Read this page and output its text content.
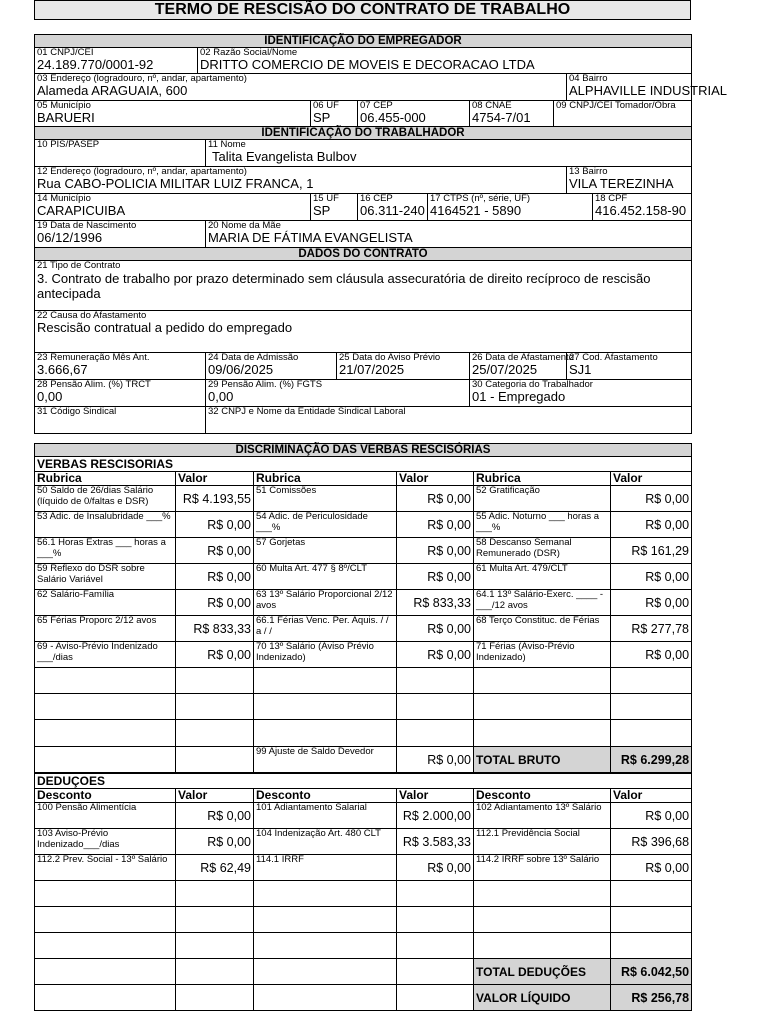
TERMO DE RESCISÃO DO CONTRATO DE TRABALHO
IDENTIFICAÇÃO DO EMPREGADOR										

01 CNPJ/CEI
24.189.770/0001-92	02 Razão Social/Nome
DRITTO COMERCIO DE MOVEIS E DECORACAO LTDA									

03 Endereço (logradouro, nº, andar, apartamento)
Alameda ARAGUAIA, 600									04 Bairro
ALPHAVILLE INDUSTRIAL	

05 Município
BARUERI			06 UF
SP		07 CEP
06.455-000		08 CNAE
4754-7/01	09 CNPJ/CEI Tomador/Obra		

IDENTIFICAÇÃO DO TRABALHADOR										

10 PIS/PASEP		11 Nome
Talita Evangelista Bulbov								

12 Endereço (logradouro, nº, andar, apartamento)
Rua CABO-POLICIA MILITAR LUIZ FRANCA, 1									13 Bairro
VILA TEREZINHA	

14 Município
CARAPICUIBA			15 UF
SP		16 CEP
06.311-240	17 CTPS (nº, série, UF)
4164521 - 5890				18 CPF
416.452.158-90

19 Data de Nascimento
06/12/1996		20 Nome da Mãe
MARIA DE FÁTIMA EVANGELISTA								

DADOS DO CONTRATO										

21 Tipo de Contrato
3. Contrato de trabalho por prazo determinado sem cláusula assecuratória de direito recíproco de rescisão antecipada										

22 Causa do Afastamento
Rescisão contratual a pedido do empregado										

23 Remuneração Mês Ant.
3.666,67		24 Data de Admissão
09/06/2025		25 Data do Aviso Prévio
21/07/2025			26 Data de Afastamento
25/07/2025		27 Cod. Afastamento
SJ1	

28 Pensão Alim. (%) TRCT
0,00		29 Pensão Alim. (%) FGTS
0,00					30 Categoria do Trabalhador
01 - Empregado			

31 Código Sindical		32 CNPJ e Nome da Entidade Sindical Laboral								
DISCRIMINAÇÃO DAS VERBAS RESCISÓRIAS					
VERBAS RESCISORIAS					
Rubrica	Valor	Rubrica	Valor	Rubrica	Valor
50 Saldo de 26/dias Salário (líquido de 0/faltas e DSR)	R$ 4.193,55	51 Comissões	R$ 0,00	52 Gratificação	R$ 0,00
53 Adic. de Insalubridade ___%	R$ 0,00	54 Adic. de Periculosidade ___%	R$ 0,00	55 Adic. Noturno ___ horas a ___%	R$ 0,00
56.1 Horas Extras ___ horas a ___%	R$ 0,00	57 Gorjetas	R$ 0,00	58 Descanso Semanal Remunerado (DSR)	R$ 161,29
59 Reflexo do DSR sobre Salário Variável	R$ 0,00	60 Multa Art. 477 § 8º/CLT	R$ 0,00	61 Multa Art. 479/CLT	R$ 0,00
62 Salário-Família	R$ 0,00	63 13º Salário Proporcional 2/12 avos	R$ 833,33	64.1 13º Salário-Exerc. ____ - ___/12 avos	R$ 0,00
65 Férias Proporc 2/12 avos	R$ 833,33	66.1 Férias Venc. Per. Aquis. / / a / /	R$ 0,00	68 Terço Constituc. de Férias	R$ 277,78
69 - Aviso-Prévio Indenizado ___/dias	R$ 0,00	70 13º Salário (Aviso Prévio Indenizado)	R$ 0,00	71 Férias (Aviso-Prévio Indenizado)	R$ 0,00

		99 Ajuste de Saldo Devedor	R$ 0,00	TOTAL BRUTO	R$ 6.299,28
DEDUÇOES					
Desconto	Valor	Desconto	Valor	Desconto	Valor
100 Pensão Alimentícia	R$ 0,00	101 Adiantamento Salarial	R$ 2.000,00	102 Adiantamento 13º Salário	R$ 0,00
103 Aviso-Prévio Indenizado___/dias	R$ 0,00	104 Indenização Art. 480 CLT	R$ 3.583,33	112.1 Previdência Social	R$ 396,68
112.2 Prev. Social - 13º Salário	R$ 62,49	114.1 IRRF	R$ 0,00	114.2 IRRF sobre 13º Salário	R$ 0,00

				TOTAL DEDUÇÕES	R$ 6.042,50
				VALOR LÍQUIDO	R$ 256,78
